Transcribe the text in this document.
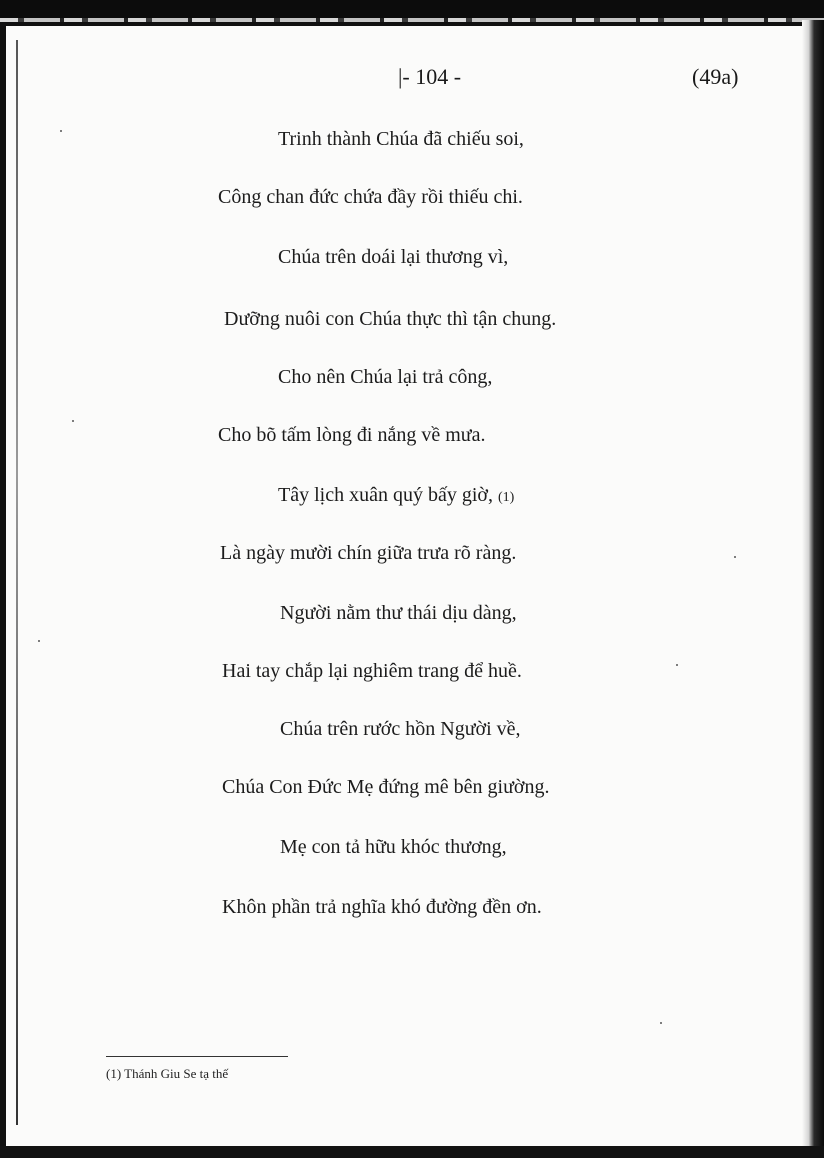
|- 104 -	(49a)
Trinh thành Chúa đã chiếu soi,
Công chan đức chứa đầy rồi thiếu chi.
Chúa trên doái lại thương vì,
Dưỡng nuôi con Chúa thực thì tận chung.
Cho nên Chúa lại trả công,
Cho bõ tấm lòng đi nắng về mưa.
Tây lịch xuân quý bấy giờ, (1)
Là ngày mười chín giữa trưa rõ ràng.
Người nằm thư thái dịu dàng,
Hai tay chắp lại nghiêm trang để huề.
Chúa trên rước hồn Người về,
Chúa Con Đức Mẹ đứng mê bên giường.
Mẹ con tả hữu khóc thương,
Khôn phần trả nghĩa khó đường đền ơn.
(1) Thánh Giu Se tạ thế
